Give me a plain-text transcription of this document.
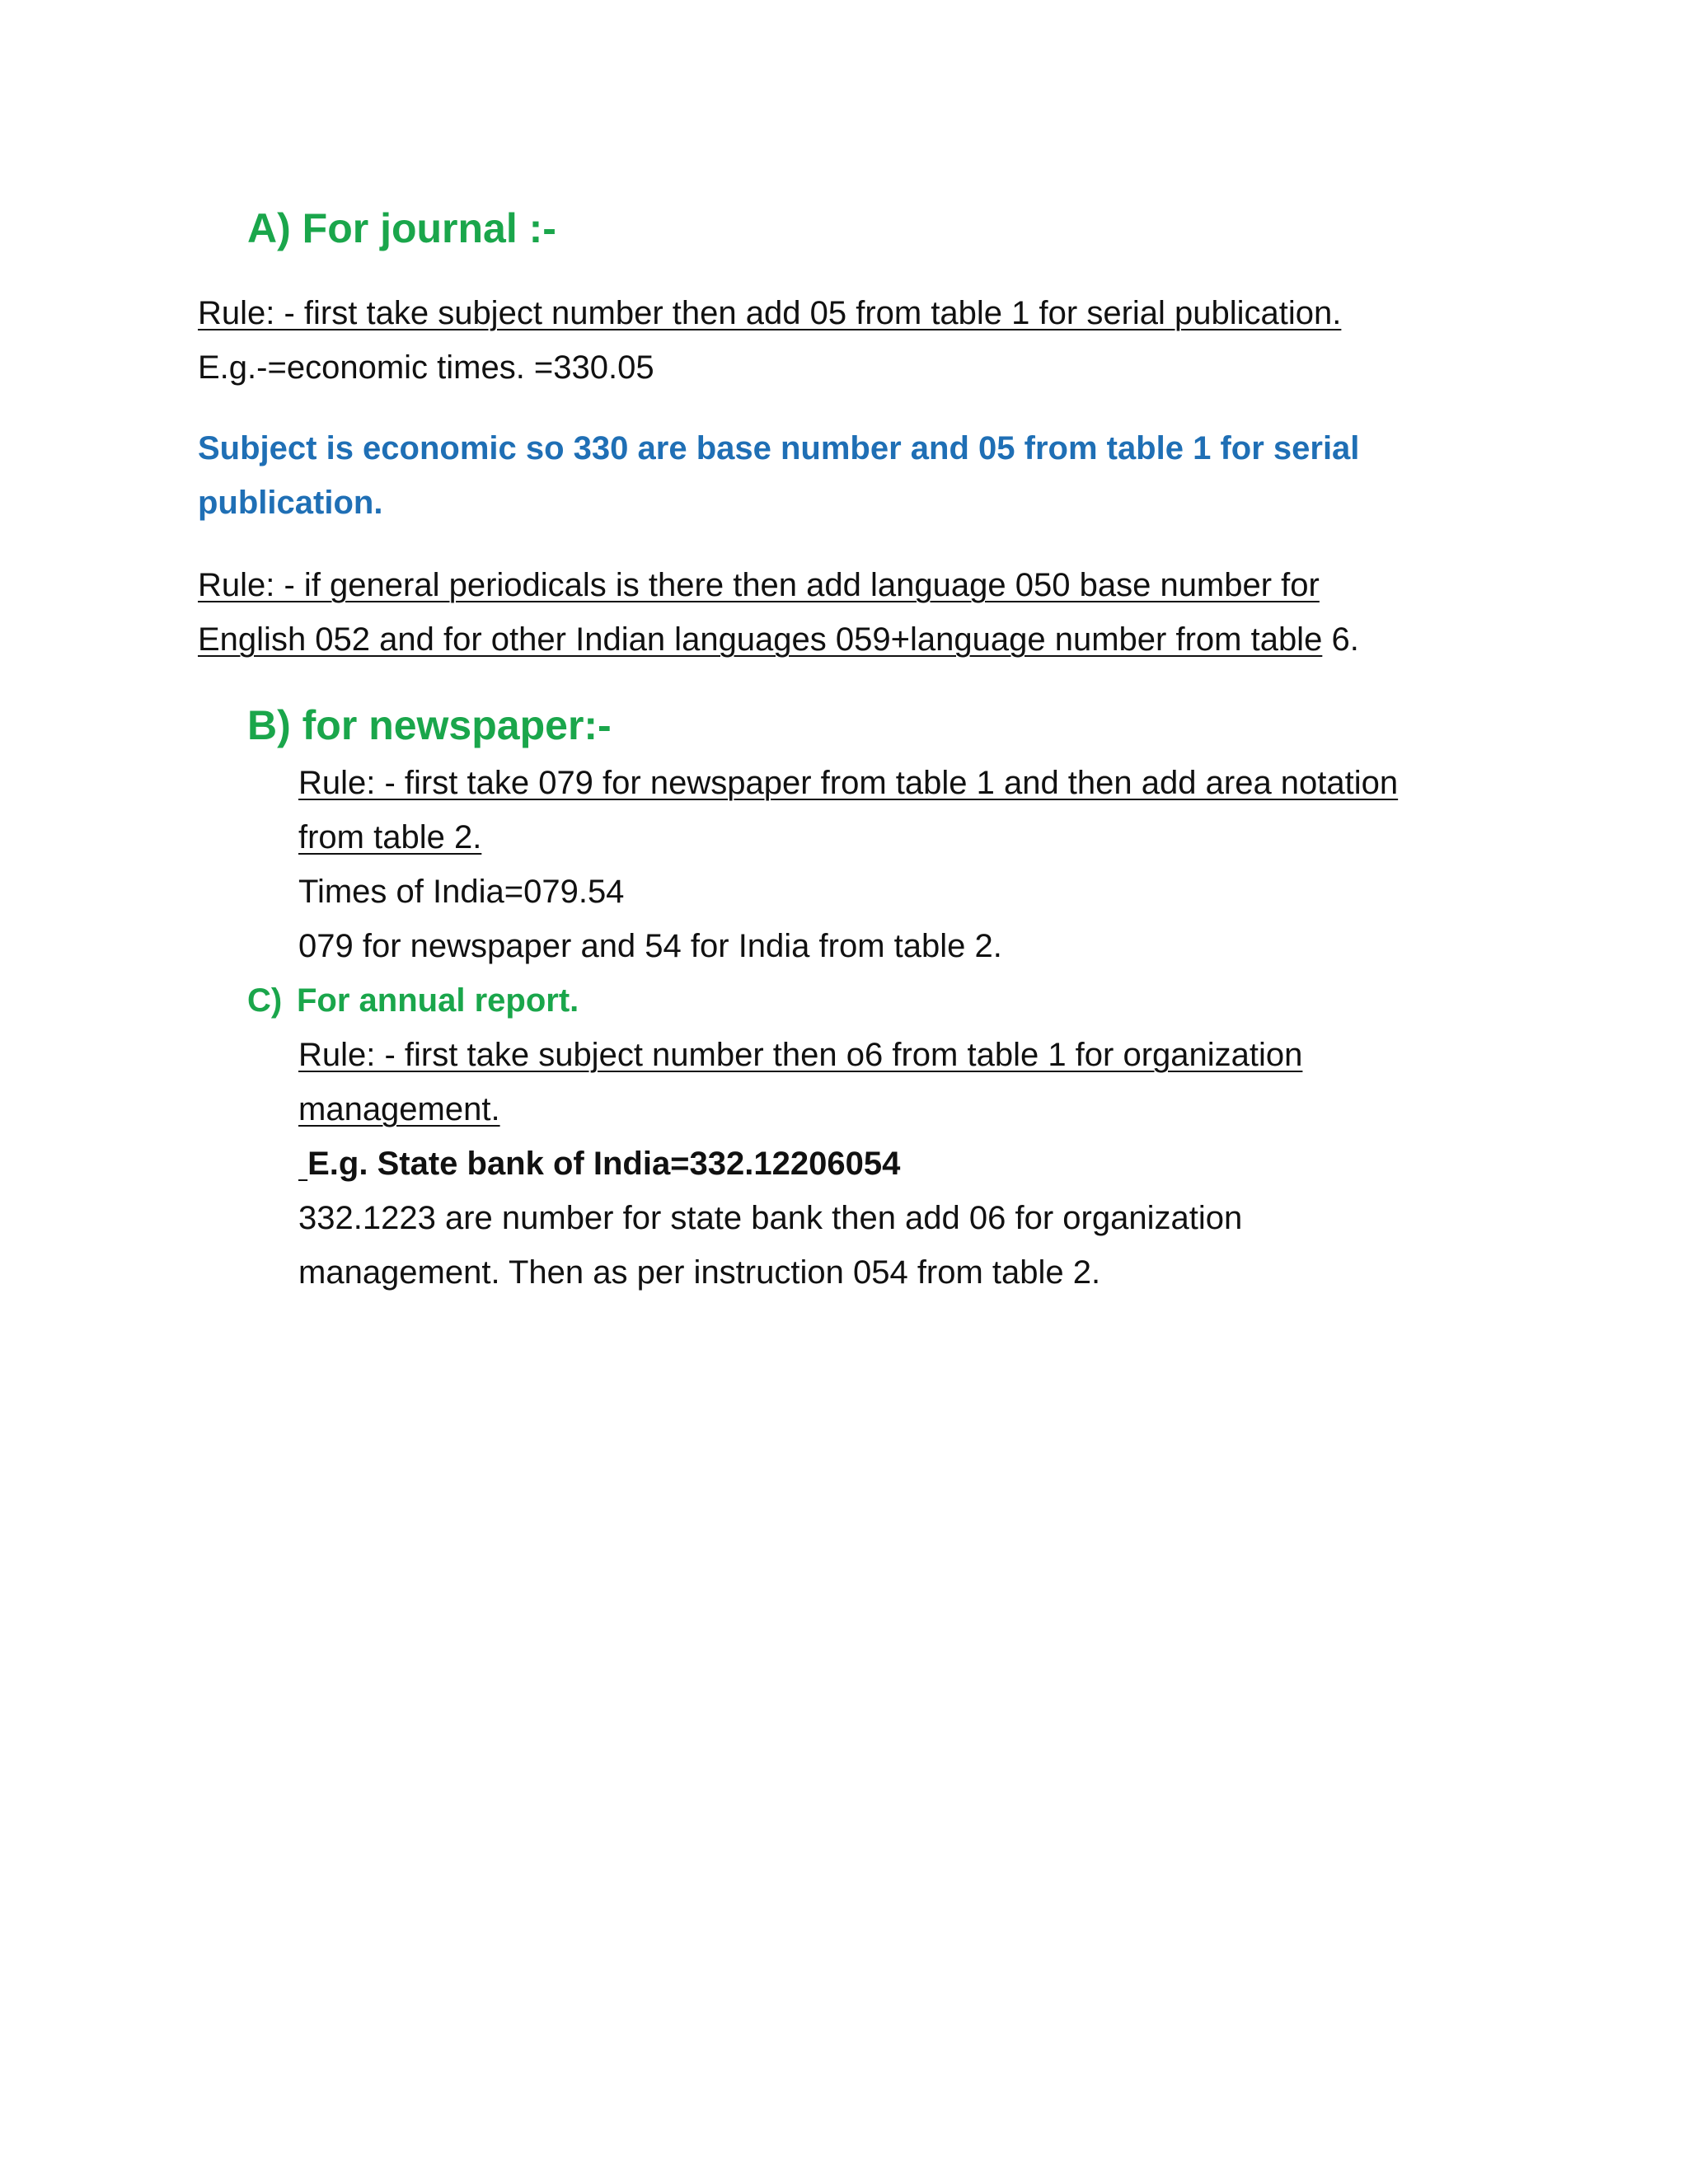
A) For journal :-
Rule: - first take subject number then add 05 from table 1 for serial publication.
E.g.-=economic times. =330.05
Subject is economic so 330 are base number and 05 from table 1 for serial
publication.
Rule: - if general periodicals is there then add language 050 base number for
English 052 and for other Indian languages 059+language number from table 6.
B) for newspaper:-
Rule: - first take 079 for newspaper from table 1 and then add area notation
from table 2.
Times of India=079.54
079 for newspaper and 54 for India from table 2.
C) For annual report.
Rule: - first take subject number then o6 from table 1 for organization
management.
​ E.g. State bank of India=332.12206054
332.1223 are number for state bank then add 06 for organization
management. Then as per instruction 054 from table 2.
